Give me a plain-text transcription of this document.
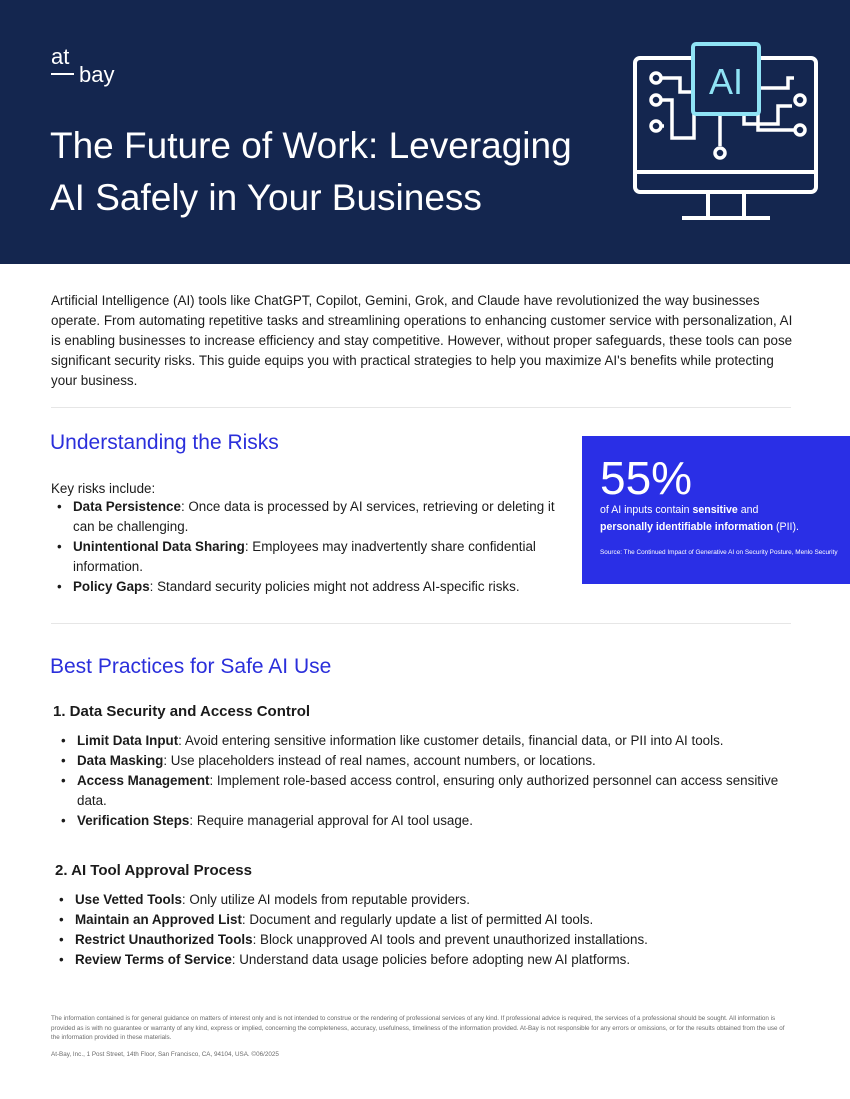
at
bay
The Future of Work: Leveraging
AI Safely in Your Business
AI

Artificial Intelligence (AI) tools like ChatGPT, Copilot, Gemini, Grok, and Claude have revolutionized the way businesses operate. From automating repetitive tasks and streamlining operations to enhancing customer service with personalization, AI is enabling businesses to increase efficiency and stay competitive. However, without proper safeguards, these tools can pose significant security risks. This guide equips you with practical strategies to help you maximize AI's benefits while protecting your business.

Understanding the Risks

Key risks include:

• Data Persistence: Once data is processed by AI services, retrieving or deleting it can be challenging.
• Unintentional Data Sharing: Employees may inadvertently share confidential information.
• Policy Gaps: Standard security policies might not address AI-specific risks.
55%
of AI inputs contain sensitive and
personally identifiable information (PII).
Source: The Continued Impact of Generative AI on Security Posture, Menlo Security
Best Practices for Safe AI Use
1. Data Security and Access Control
• Limit Data Input: Avoid entering sensitive information like customer details, financial data, or PII into AI tools.
• Data Masking: Use placeholders instead of real names, account numbers, or locations.
• Access Management: Implement role-based access control, ensuring only authorized personnel can access sensitive data.
• Verification Steps: Require managerial approval for AI tool usage.
2. AI Tool Approval Process
• Use Vetted Tools: Only utilize AI models from reputable providers.
• Maintain an Approved List: Document and regularly update a list of permitted AI tools.
• Restrict Unauthorized Tools: Block unapproved AI tools and prevent unauthorized installations.
• Review Terms of Service: Understand data usage policies before adopting new AI platforms.

The information contained is for general guidance on matters of interest only and is not intended to construe or the rendering of professional services of any kind. If professional advice is required, the services of a professional should be sought. All information is provided as is with no guarantee or warranty of any kind, express or implied, concerning the completeness, accuracy, usefulness, timeliness of the information provided. At-Bay is not responsible for any errors or omissions, or for the results obtained from the use of the information provided in these materials.

At-Bay, Inc., 1 Post Street, 14th Floor, San Francisco, CA, 94104, USA. ©06/2025
